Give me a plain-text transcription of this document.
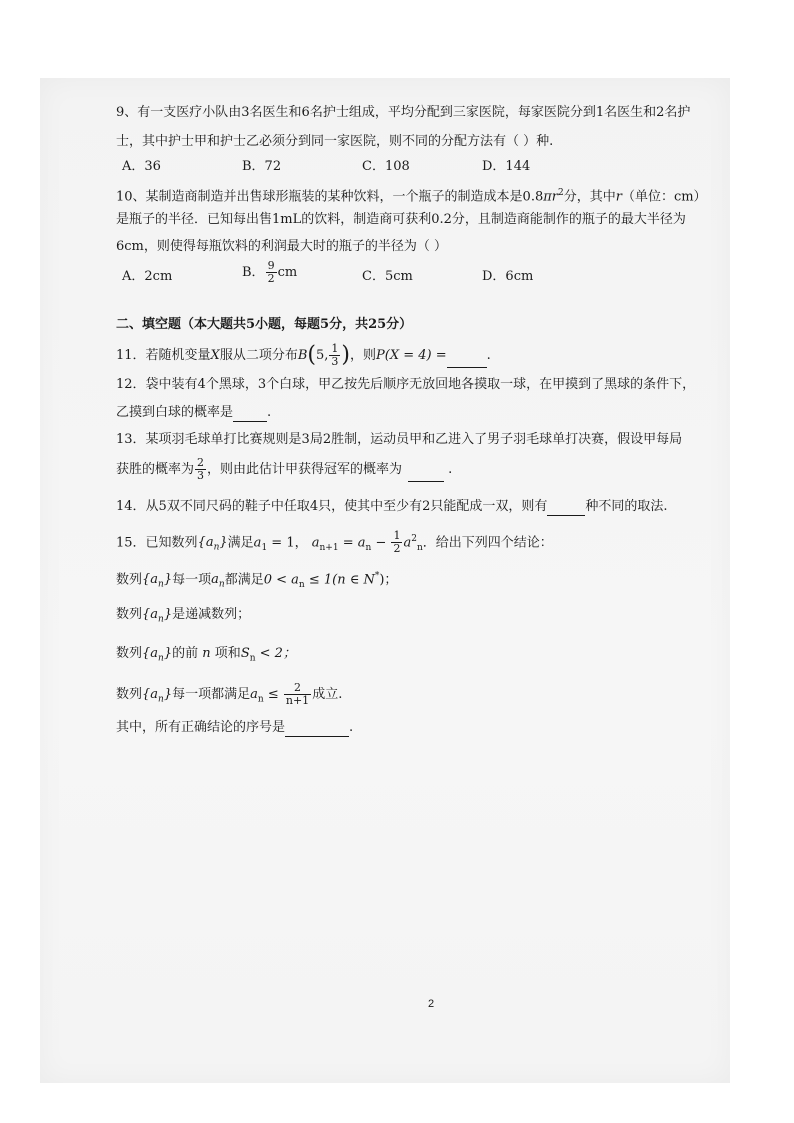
9、有一支医疗小队由3名医生和6名护士组成，平均分配到三家医院，每家医院分到1名医生和2名护
士，其中护士甲和护士乙必须分到同一家医院，则不同的分配方法有（ ）种.
A．36	B．72	C．108	D．144
10、某制造商制造并出售球形瓶装的某种饮料，一个瓶子的制造成本是$0.8\pi r^2$分，其中r（单位：cm）
是瓶子的半径．已知每出售1mL的饮料，制造商可获利0.2分，且制造商能制作的瓶子的最大半径为
6cm，则使得每瓶饮料的利润最大时的瓶子的半径为（ ）
A．2cm	B． $\frac{9}{2}$ cm	C．5cm	D．6cm
二、填空题（本大题共5小题，每题5分，共25分）
11．若随机变量X服从二项分布B(5, $\frac{1}{3}$ )，则P(X = 4) =	.
12．袋中装有4个黑球，3个白球，甲乙按先后顺序无放回地各摸取一球，在甲摸到了黑球的条件下，
乙摸到白球的概率是	.
13．某项羽毛球单打比赛规则是3局2胜制，运动员甲和乙进入了男子羽毛球单打决赛，假设甲每局
获胜的概率为 $\frac{2}{3}$ ，则由此估计甲获得冠军的概率为	.
14．从5双不同尺码的鞋子中任取4只，使其中至少有2只能配成一双，则有	种不同的取法.
15．已知数列$\{a_n\}$满足$a_1 = 1$， $a_{n+1} = a_n - \frac{1}{2} a^2_n$．给出下列四个结论：
数列$\{a_n\}$每一项$a_n$都满足$0 < a_n \le 1(n$ ∈ N*)；
数列$\{a_n\}$是递减数列；
数列$\{a_n\}$的前 n 项和$S_n < 2$；
数列$\{a_n\}$每一项都满足$a_n \le \frac{2}{n+1}$ 成立.
其中，所有正确结论的序号是	.
2
